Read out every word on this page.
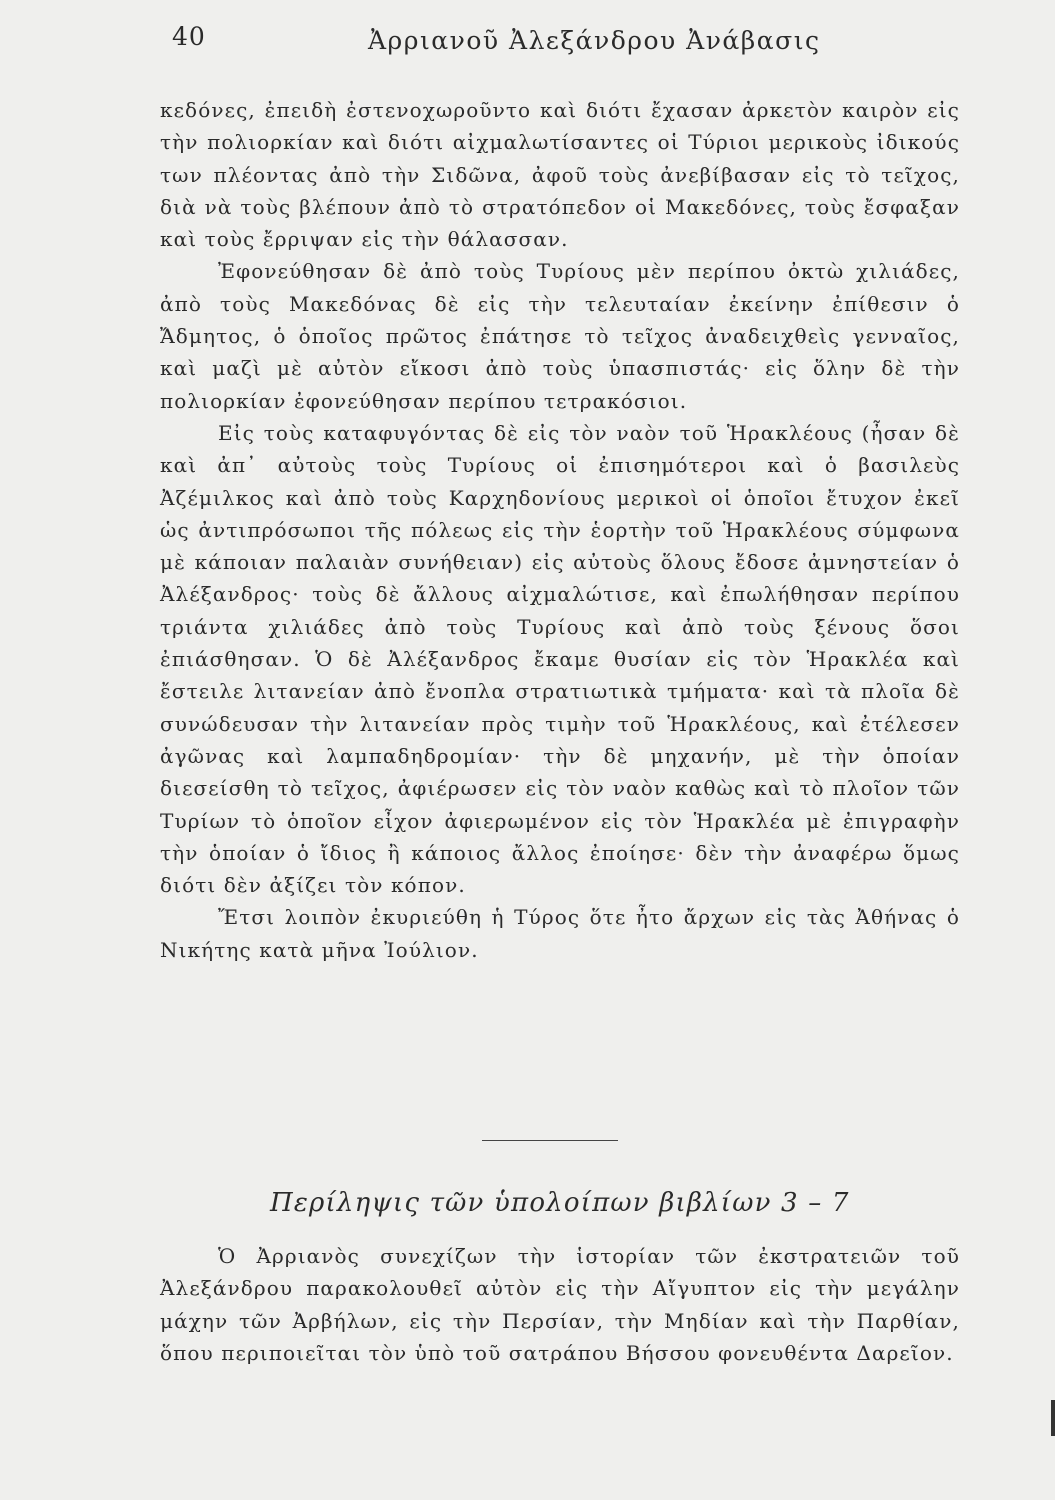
40	Ἀρριανοῦ Ἀλεξάνδρου Ἀνάβασις

κεδόνες, ἐπειδὴ ἐστενοχωροῦντο καὶ διότι ἔχασαν ἀρκετὸν καιρὸν εἰς τὴν πολιορκίαν καὶ διότι αἰχμαλωτίσαντες οἱ Τύριοι μερικοὺς ἰδικούς των πλέοντας ἀπὸ τὴν Σιδῶνα, ἀφοῦ τοὺς ἀνεβίβασαν εἰς τὸ τεῖχος, διὰ νὰ τοὺς βλέπουν ἀπὸ τὸ στρατόπεδον οἱ Μακεδόνες, τοὺς ἔσφαξαν καὶ τοὺς ἔρριψαν εἰς τὴν θάλασσαν.

Ἐφονεύθησαν δὲ ἀπὸ τοὺς Τυρίους μὲν περίπου ὀκτὼ χιλιάδες, ἀπὸ τοὺς Μακεδόνας δὲ εἰς τὴν τελευταίαν ἐκείνην ἐπίθεσιν ὁ Ἄδμητος, ὁ ὁποῖος πρῶτος ἐπάτησε τὸ τεῖχος ἀναδειχθεὶς γενναῖος, καὶ μαζὶ μὲ αὐτὸν εἴκοσι ἀπὸ τοὺς ὑπασπιστάς· εἰς ὅλην δὲ τὴν πολιορκίαν ἐφονεύθησαν περίπου τετρακόσιοι.

Εἰς τοὺς καταφυγόντας δὲ εἰς τὸν ναὸν τοῦ Ἡρακλέους (ἦσαν δὲ καὶ ἀπ᾽ αὐτοὺς τοὺς Τυρίους οἱ ἐπισημότεροι καὶ ὁ βασιλεὺς Ἀζέμιλκος καὶ ἀπὸ τοὺς Καρχηδονίους μερικοὶ οἱ ὁποῖοι ἔτυχον ἐκεῖ ὡς ἀντιπρόσωποι τῆς πόλεως εἰς τὴν ἑορτὴν τοῦ Ἡρακλέους σύμφωνα μὲ κάποιαν παλαιὰν συνήθειαν) εἰς αὐτοὺς ὅλους ἔδοσε ἀμνηστείαν ὁ Ἀλέξανδρος· τοὺς δὲ ἄλλους αἰχμαλώτισε, καὶ ἐπωλήθησαν περίπου τριάντα χιλιάδες ἀπὸ τοὺς Τυρίους καὶ ἀπὸ τοὺς ξένους ὅσοι ἐπιάσθησαν. Ὁ δὲ Ἀλέξανδρος ἔκαμε θυσίαν εἰς τὸν Ἡρακλέα καὶ ἔστειλε λιτανείαν ἀπὸ ἔνοπλα στρατιωτικὰ τμήματα· καὶ τὰ πλοῖα δὲ συνώδευσαν τὴν λιτανείαν πρὸς τιμὴν τοῦ Ἡρακλέους, καὶ ἐτέλεσεν ἀγῶνας καὶ λαμπαδηδρομίαν· τὴν δὲ μηχανήν, μὲ τὴν ὁποίαν διεσείσθη τὸ τεῖχος, ἀφιέρωσεν εἰς τὸν ναὸν καθὼς καὶ τὸ πλοῖον τῶν Τυρίων τὸ ὁποῖον εἶχον ἀφιερωμένον εἰς τὸν Ἡρακλέα μὲ ἐπιγραφὴν τὴν ὁποίαν ὁ ἴδιος ἢ κάποιος ἄλλος ἐποίησε· δὲν τὴν ἀναφέρω ὅμως διότι δὲν ἀξίζει τὸν κόπον.

Ἔτσι λοιπὸν ἐκυριεύθη ἡ Τύρος ὅτε ἦτο ἄρχων εἰς τὰς Ἀθήνας ὁ Νικήτης κατὰ μῆνα Ἰούλιον.

Περίληψις τῶν ὑπολοίπων βιβλίων 3 – 7

Ὁ Ἀρριανὸς συνεχίζων τὴν ἱστορίαν τῶν ἐκστρατειῶν τοῦ Ἀλεξάνδρου παρακολουθεῖ αὐτὸν εἰς τὴν Αἴγυπτον εἰς τὴν μεγάλην μάχην τῶν Ἀρβήλων, εἰς τὴν Περσίαν, τὴν Μηδίαν καὶ τὴν Παρθίαν, ὅπου περιποιεῖται τὸν ὑπὸ τοῦ σατράπου Βήσσου φονευθέντα Δαρεῖον.
